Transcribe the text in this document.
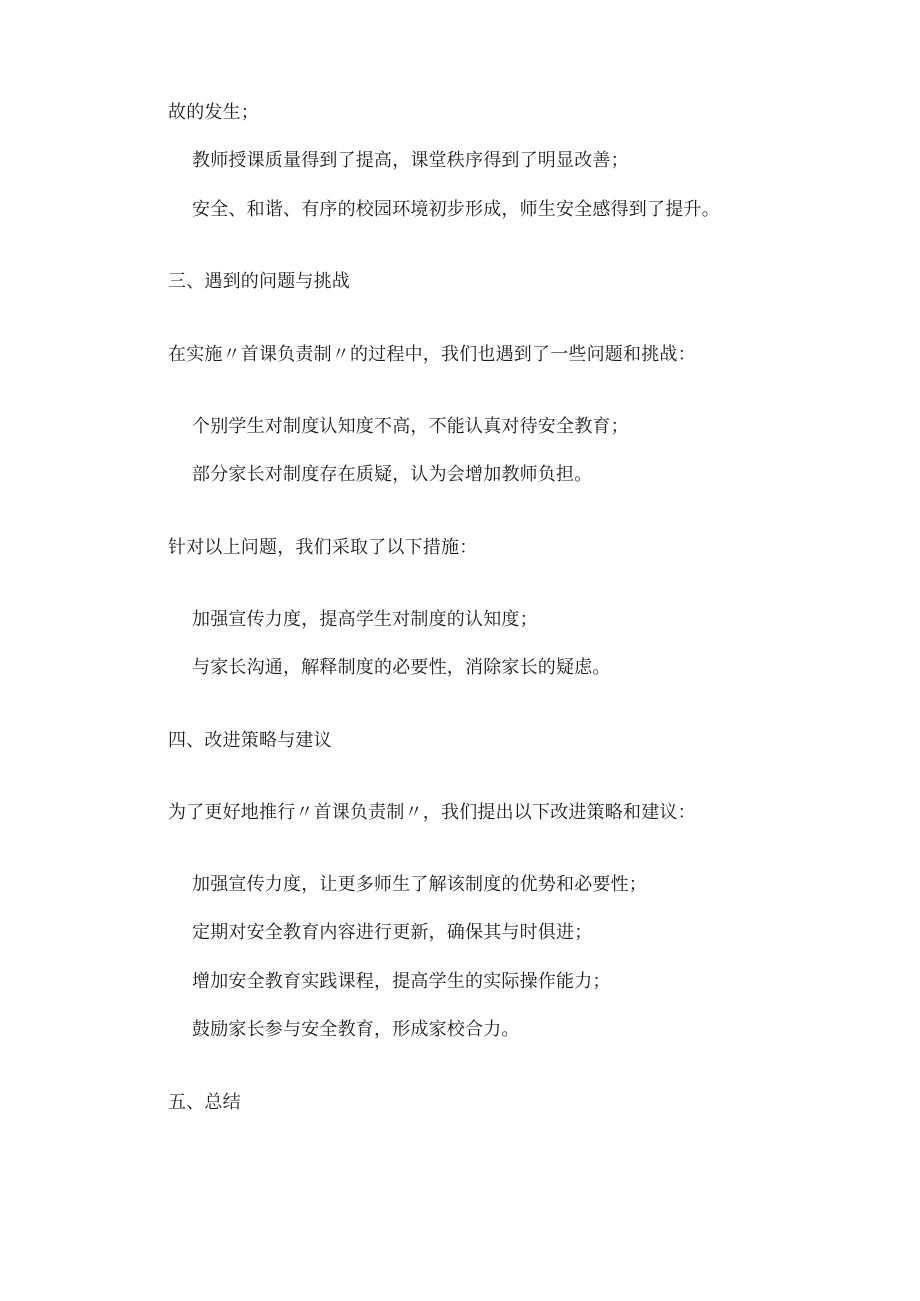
故的发生；
教师授课质量得到了提高，课堂秩序得到了明显改善；
安全、和谐、有序的校园环境初步形成，师生安全感得到了提升。
三、遇到的问题与挑战
在实施〃首课负责制〃的过程中，我们也遇到了一些问题和挑战：
个别学生对制度认知度不高，不能认真对待安全教育；
部分家长对制度存在质疑，认为会增加教师负担。
针对以上问题，我们采取了以下措施：
加强宣传力度，提高学生对制度的认知度；
与家长沟通，解释制度的必要性，消除家长的疑虑。
四、改进策略与建议
为了更好地推行〃首课负责制〃，我们提出以下改进策略和建议：
加强宣传力度，让更多师生了解该制度的优势和必要性；
定期对安全教育内容进行更新，确保其与时俱进；
增加安全教育实践课程，提高学生的实际操作能力；
鼓励家长参与安全教育，形成家校合力。
五、总结
